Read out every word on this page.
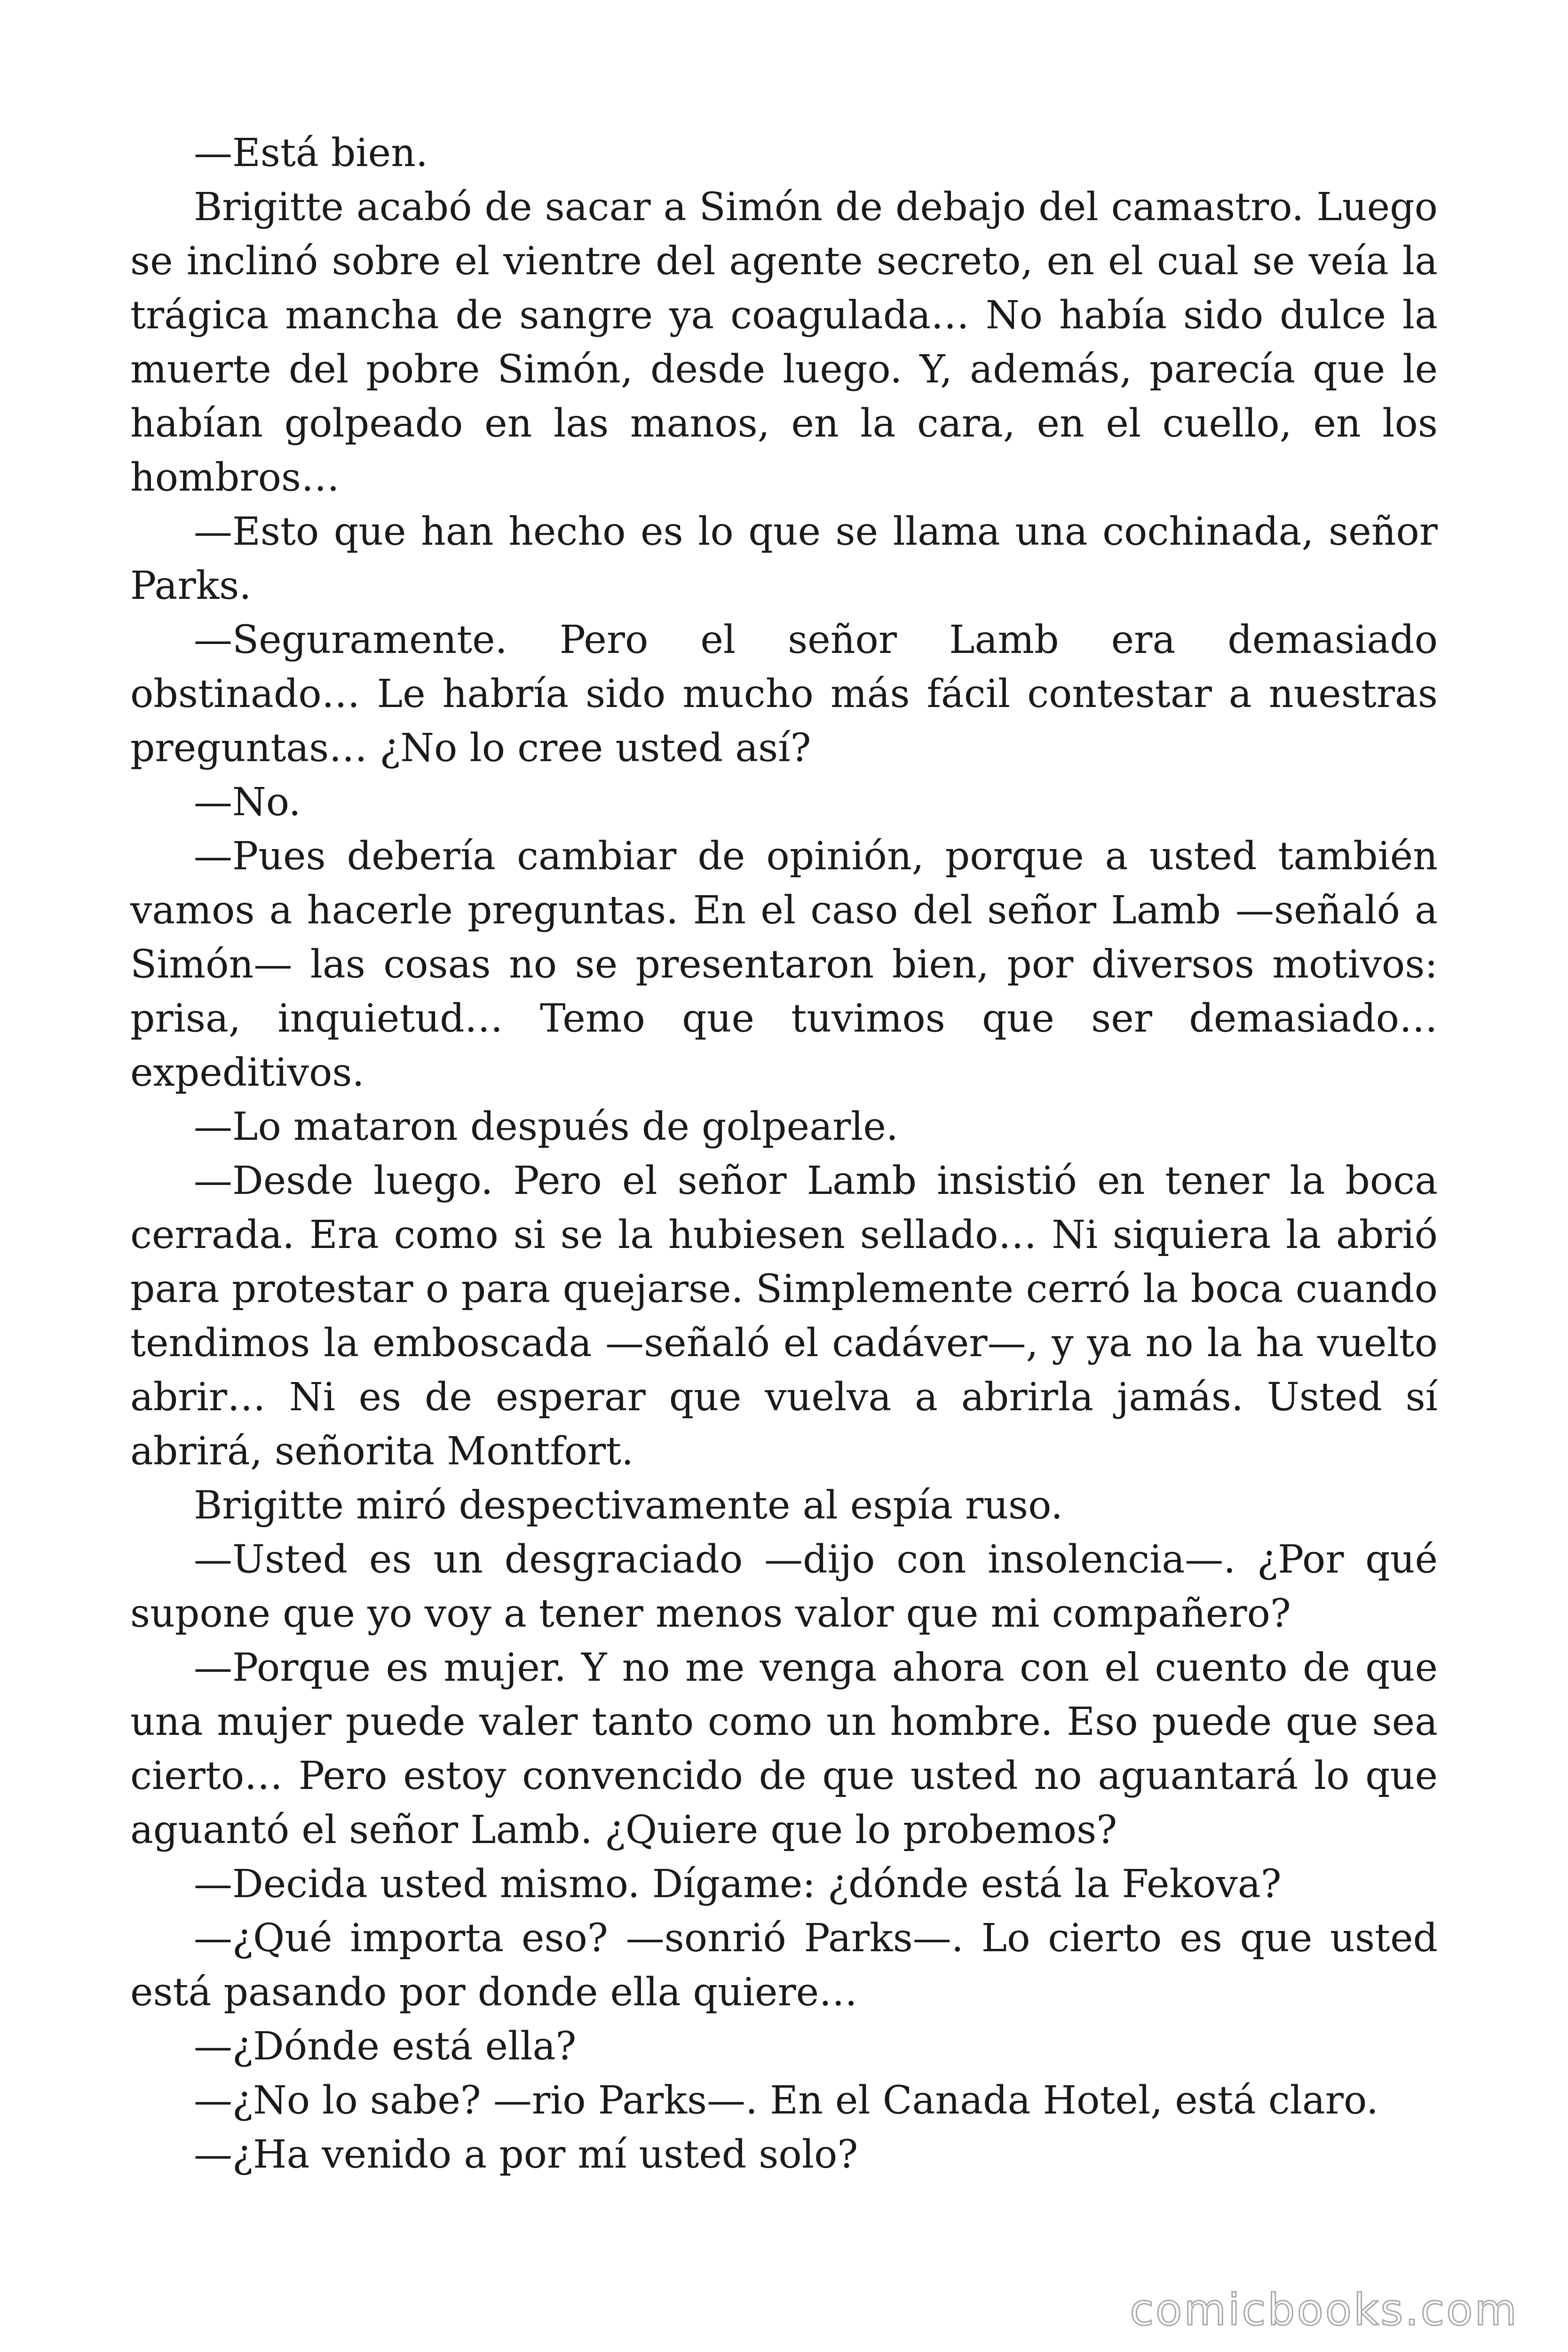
—Está bien.

Brigitte acabó de sacar a Simón de debajo del camastro. Luego se inclinó sobre el vientre del agente secreto, en el cual se veía la trágica mancha de sangre ya coagulada… No había sido dulce la muerte del pobre Simón, desde luego. Y, además, parecía que le habían golpeado en las manos, en la cara, en el cuello, en los hombros…

—Esto que han hecho es lo que se llama una cochinada, señor Parks.

—Seguramente. Pero el señor Lamb era demasiado obstinado… Le habría sido mucho más fácil contestar a nuestras preguntas… ¿No lo cree usted así?

—No.

—Pues debería cambiar de opinión, porque a usted también vamos a hacerle preguntas. En el caso del señor Lamb —señaló a Simón— las cosas no se presentaron bien, por diversos motivos: prisa, inquietud… Temo que tuvimos que ser demasiado… expeditivos.

—Lo mataron después de golpearle.

—Desde luego. Pero el señor Lamb insistió en tener la boca cerrada. Era como si se la hubiesen sellado… Ni siquiera la abrió para protestar o para quejarse. Simplemente cerró la boca cuando tendimos la emboscada —señaló el cadáver—, y ya no la ha vuelto abrir… Ni es de esperar que vuelva a abrirla jamás. Usted sí abrirá, señorita Montfort.

Brigitte miró despectivamente al espía ruso.

—Usted es un desgraciado —dijo con insolencia—. ¿Por qué supone que yo voy a tener menos valor que mi compañero?

—Porque es mujer. Y no me venga ahora con el cuento de que una mujer puede valer tanto como un hombre. Eso puede que sea cierto… Pero estoy convencido de que usted no aguantará lo que aguantó el señor Lamb. ¿Quiere que lo probemos?

—Decida usted mismo. Dígame: ¿dónde está la Fekova?

—¿Qué importa eso? —sonrió Parks—. Lo cierto es que usted está pasando por donde ella quiere…

—¿Dónde está ella?

—¿No lo sabe? —rio Parks—. En el Canada Hotel, está claro.

—¿Ha venido a por mí usted solo?

comicbooks.com
